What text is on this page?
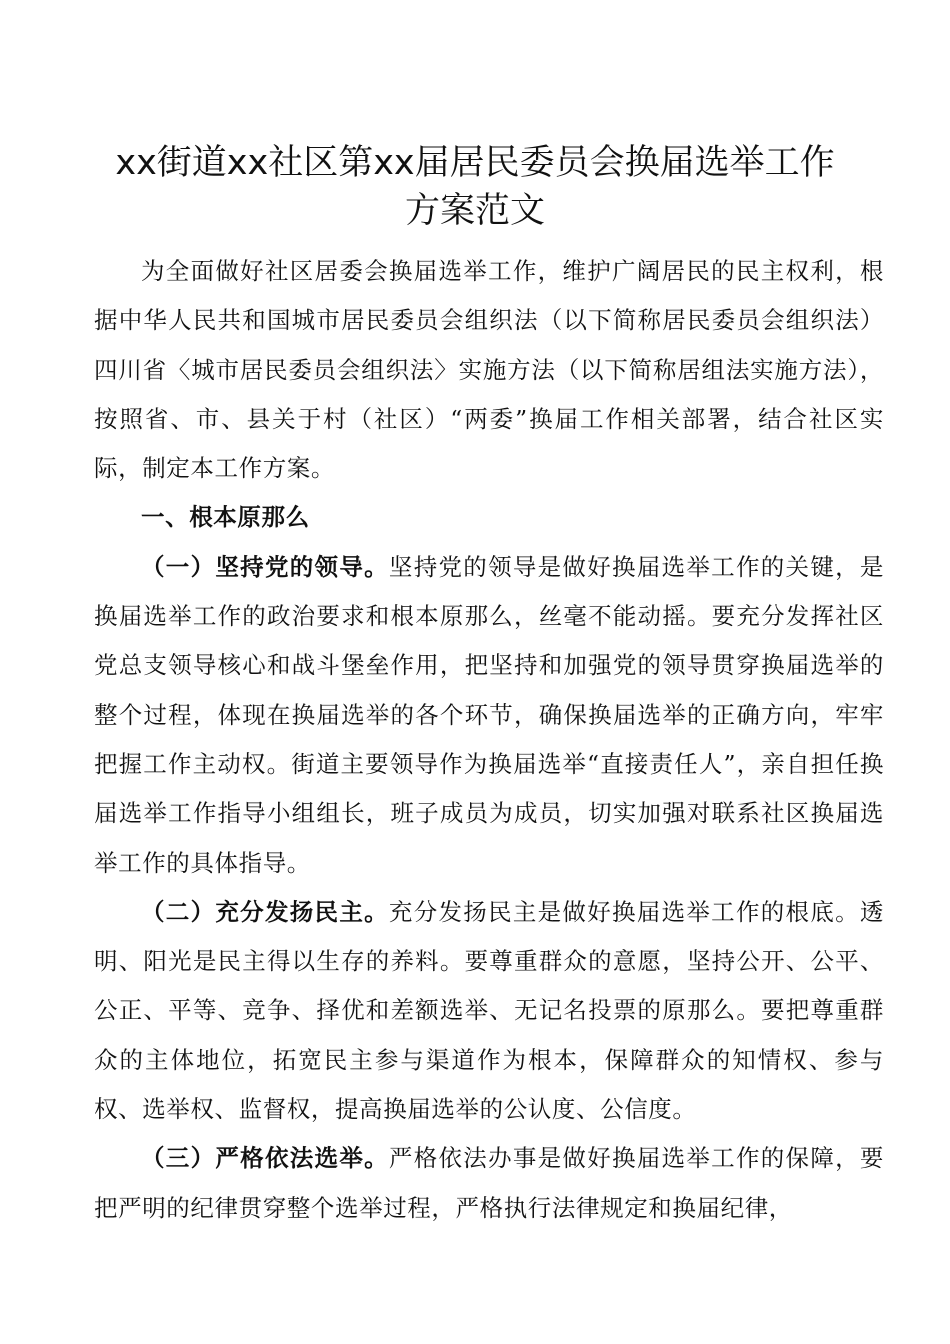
xx街道xx社区第xx届居民委员会换届选举工作
方案范文

为全面做好社区居委会换届选举工作，维护广阔居民的民主权利，根据中华人民共和国城市居民委员会组织法（以下简称居民委员会组织法）四川省〈城市居民委员会组织法〉实施方法（以下简称居组法实施方法），按照省、市、县关于村（社区）“两委”换届工作相关部署，结合社区实际，制定本工作方案。

一、根本原那么

（一）坚持党的领导。坚持党的领导是做好换届选举工作的关键，是换届选举工作的政治要求和根本原那么，丝毫不能动摇。要充分发挥社区党总支领导核心和战斗堡垒作用，把坚持和加强党的领导贯穿换届选举的整个过程，体现在换届选举的各个环节，确保换届选举的正确方向，牢牢把握工作主动权。街道主要领导作为换届选举“直接责任人”，亲自担任换届选举工作指导小组组长，班子成员为成员，切实加强对联系社区换届选举工作的具体指导。

（二）充分发扬民主。充分发扬民主是做好换届选举工作的根底。透明、阳光是民主得以生存的养料。要尊重群众的意愿，坚持公开、公平、公正、平等、竞争、择优和差额选举、无记名投票的原那么。要把尊重群众的主体地位，拓宽民主参与渠道作为根本，保障群众的知情权、参与权、选举权、监督权，提高换届选举的公认度、公信度。

（三）严格依法选举。严格依法办事是做好换届选举工作的保障，要把严明的纪律贯穿整个选举过程，严格执行法律规定和换届纪律，
